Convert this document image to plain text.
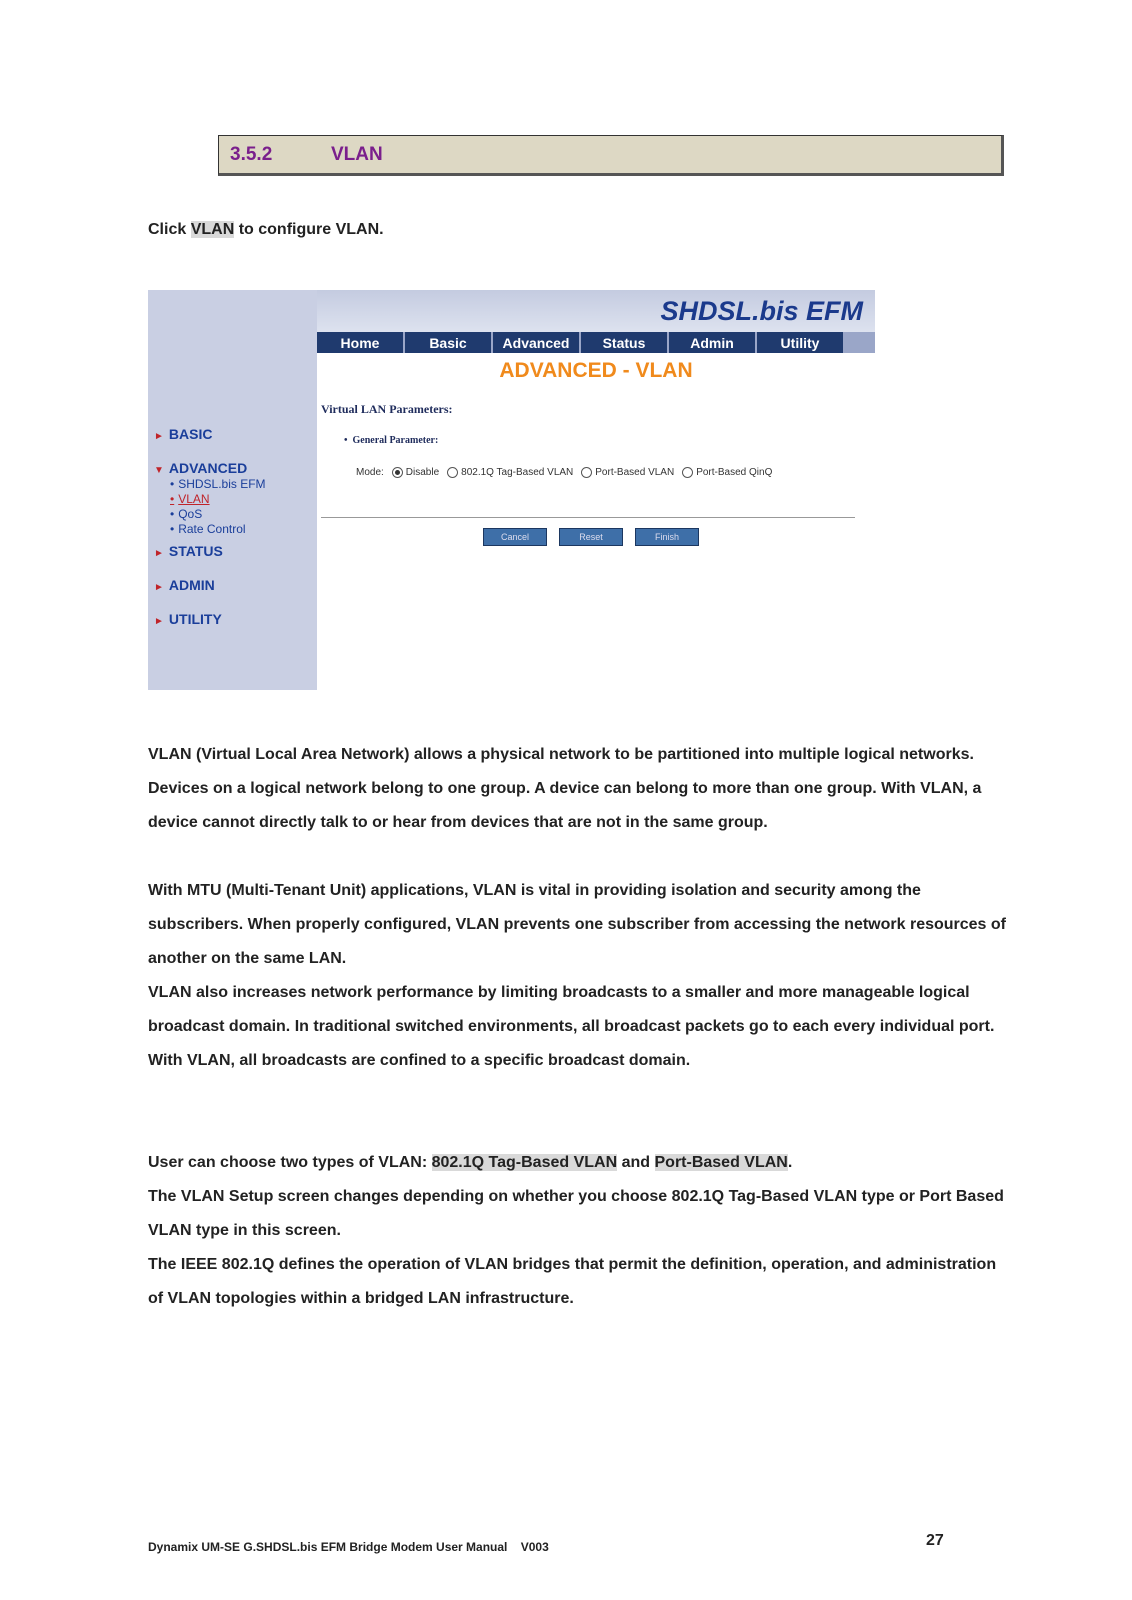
3.5.2	VLAN
Click VLAN to configure VLAN.
► BASIC
▼ ADVANCED
• SHDSL.bis EFM
• VLAN
• QoS
• Rate Control
► STATUS
► ADMIN
► UTILITY
SHDSL.bis EFM
Home	Basic	Advanced	Status	Admin	Utility
ADVANCED - VLAN
Virtual LAN Parameters:
•  General Parameter:
Mode: Disable 802.1Q Tag-Based VLAN Port-Based VLAN Port-Based QinQ
Cancel	Reset	Finish
VLAN (Virtual Local Area Network) allows a physical network to be partitioned into multiple logical networks. Devices on a logical network belong to one group. A device can belong to more than one group. With VLAN, a device cannot directly talk to or hear from devices that are not in the same group.
With MTU (Multi-Tenant Unit) applications, VLAN is vital in providing isolation and security among the subscribers. When properly configured, VLAN prevents one subscriber from accessing the network resources of another on the same LAN.
VLAN also increases network performance by limiting broadcasts to a smaller and more manageable logical broadcast domain. In traditional switched environments, all broadcast packets go to each every individual port. With VLAN, all broadcasts are confined to a specific broadcast domain.
User can choose two types of VLAN: 802.1Q Tag-Based VLAN and Port-Based VLAN.
The VLAN Setup screen changes depending on whether you choose 802.1Q Tag-Based VLAN type or Port Based VLAN type in this screen.
The IEEE 802.1Q defines the operation of VLAN bridges that permit the definition, operation, and administration of VLAN topologies within a bridged LAN infrastructure.
Dynamix UM-SE G.SHDSL.bis EFM Bridge Modem User Manual    V003	27
